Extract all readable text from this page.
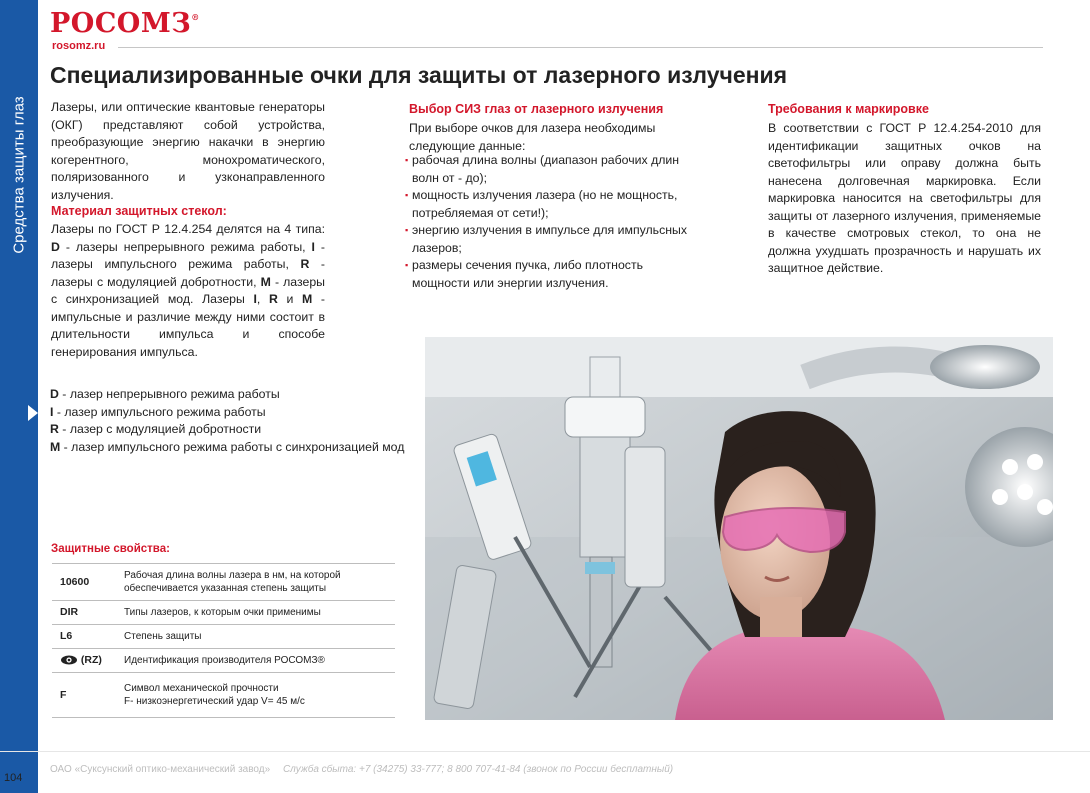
Средства защиты глаз
РОСОМЗ®
rosomz.ru
Специализированные очки для защиты от лазерного излучения

Лазеры, или оптические квантовые генераторы (ОКГ) представляют собой устройства, преобразующие энергию накачки в энергию когерентного, монохроматического, поляризованного и узконаправленного излучения.

Материал защитных стекол:

Лазеры по ГОСТ Р 12.4.254 делятся на 4 типа: D - лазеры непрерывного режима работы, I - лазеры импульсного режима работы, R - лазеры с модуляцией добротности, M - лазеры с синхронизацией мод. Лазеры I, R и M - импульсные и различие между ними состоит в длительности импульса и способе генерирования импульса.

D - лазер непрерывного режима работы
I - лазер импульсного режима работы
R - лазер с модуляцией добротности
M - лазер импульсного режима работы с синхронизацией мод
Выбор СИЗ глаз от лазерного излучения

При выборе очков для лазера необходимы следующие данные:

▪ рабочая длина волны (диапазон рабочих длин волн от - до);
▪ мощность излучения лазера (но не мощность, потребляемая от сети!);
▪ энергию излучения в импульсе для импульсных лазеров;
▪ размеры сечения пучка, либо плотность мощности или энергии излучения.
Требования к маркировке

В соответствии с ГОСТ Р 12.4.254-2010 для идентификации защитных очков на светофильтры или оправу должна быть нанесена долговечная маркировка. Если маркировка наносится на светофильтры для защиты от лазерного излучения, применяемые в качестве смотровых стекол, то она не должна ухудшать прозрачность и нарушать их защитное действие.

Защитные свойства:
10600	Рабочая длина волны лазера в нм, на которой обеспечивается указанная степень защиты
DIR	Типы лазеров, к которым очки применимы
L6	Степень защиты
(RZ)	Идентификация производителя РОСОМЗ®
F	Символ механической прочности
F- низкоэнергетический удар V= 45 м/с
ОАО «Суксунский оптико-механический завод» Служба сбыта: +7 (34275) 33-777; 8 800 707-41-84 (звонок по России бесплатный)
104
